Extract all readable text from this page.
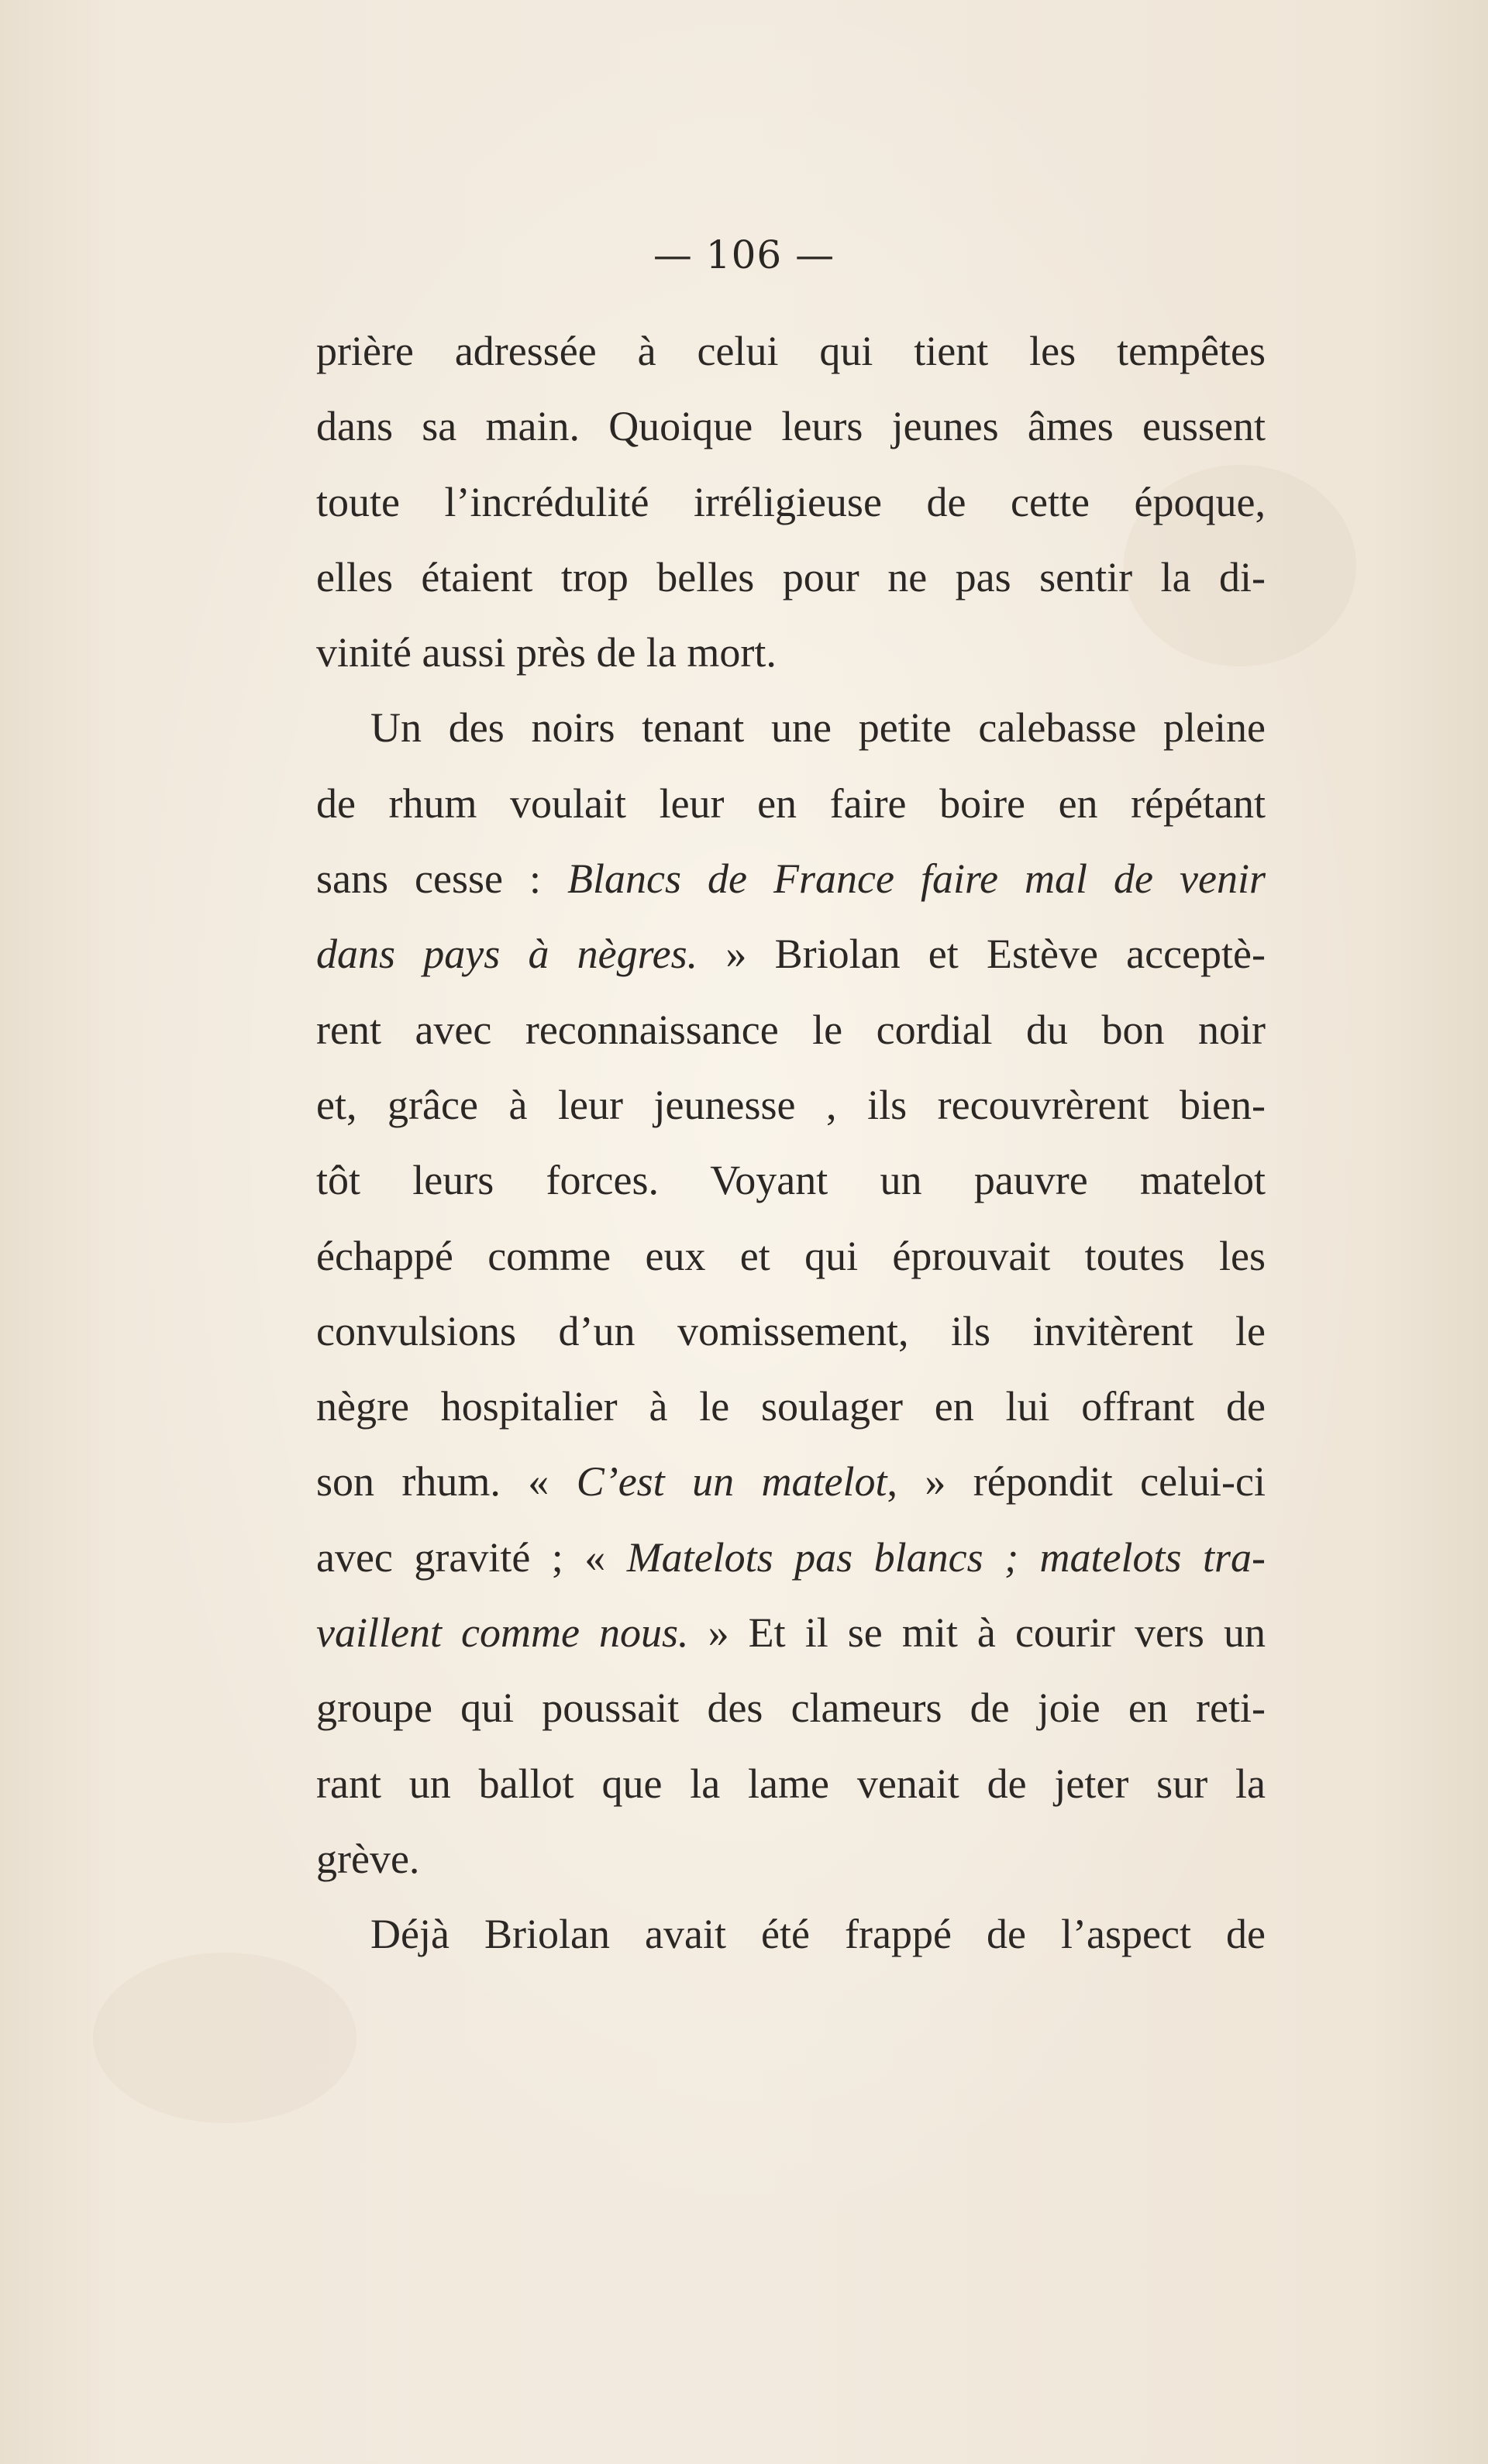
— 106 —
prière adressée à celui qui tient les tempêtes
dans sa main. Quoique leurs jeunes âmes eussent
toute l’incrédulité irréligieuse de cette époque,
elles étaient trop belles pour ne pas sentir la di-
vinité aussi près de la mort.
Un des noirs tenant une petite calebasse pleine
de rhum voulait leur en faire boire en répétant
sans cesse : Blancs de France faire mal de venir
dans pays à nègres. » Briolan et Estève acceptè-
rent avec reconnaissance le cordial du bon noir
et, grâce à leur jeunesse , ils recouvrèrent bien-
tôt leurs forces. Voyant un pauvre matelot
échappé comme eux et qui éprouvait toutes les
convulsions d’un vomissement, ils invitèrent le
nègre hospitalier à le soulager en lui offrant de
son rhum. « C’est un matelot, » répondit celui-ci
avec gravité ; « Matelots pas blancs ; matelots tra-
vaillent comme nous. » Et il se mit à courir vers un
groupe qui poussait des clameurs de joie en reti-
rant un ballot que la lame venait de jeter sur la
grève.
Déjà Briolan avait été frappé de l’aspect de
